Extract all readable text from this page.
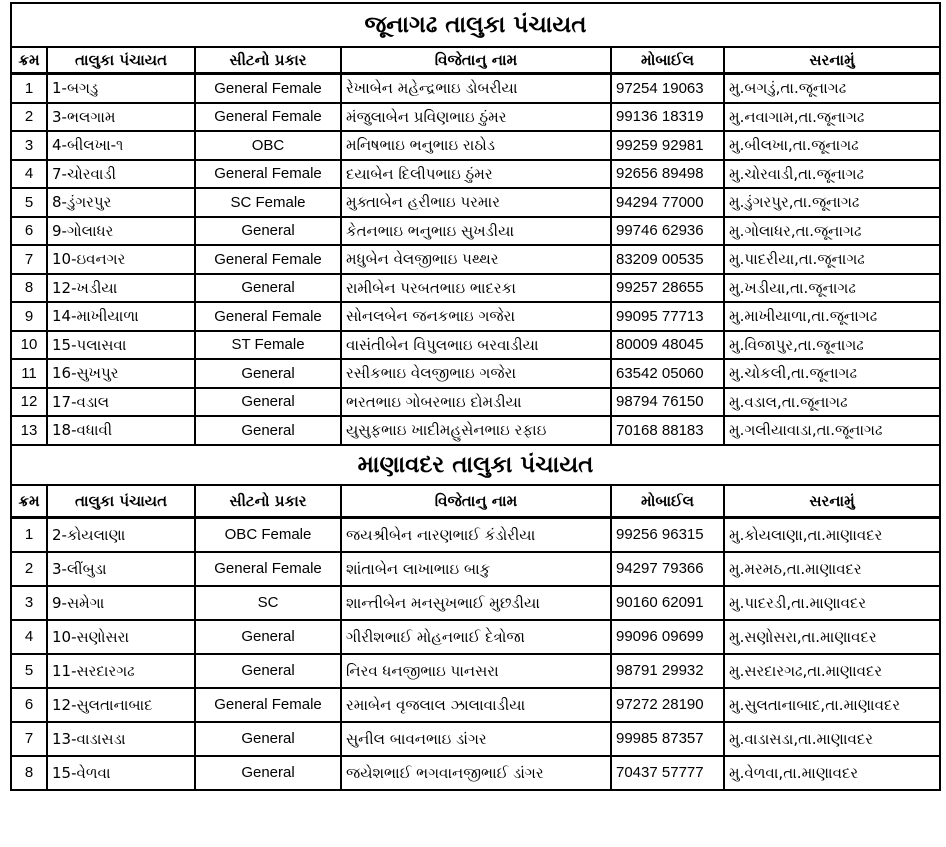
જૂનાગઢ તાલુકા પંચાયત					
ક્રમ	તાલુકા પંચાયત	સીટનો પ્રકાર	વિજેતાનુ નામ	મોબાઈલ	સરનામું
1	1-બગડુ	General Female	રેખાબેન મહેન્દ્રભાઇ ડોબરીયા	97254 19063	મુ.બગડું,તા.જૂનાગઢ
2	3-ભલગામ	General Female	મંજુલાબેન પ્રવિણભાઇ ઠુંમર	99136 18319	મુ.નવાગામ,તા.જૂનાગઢ
3	4-બીલખા-૧	OBC	મનિષભાઇ ભનુભાઇ રાઠોડ	99259 92981	મુ.બીલખા,તા.જૂનાગઢ
4	7-ચોરવાડી	General Female	દયાબેન દિલીપભાઇ ઠુંમર	92656 89498	મુ.ચોરવાડી,તા.જૂનાગઢ
5	8-ડુંગરપુર	SC Female	મુક્તાબેન હરીભાઇ પરમાર	94294 77000	મુ.ડુંગરપુર,તા.જૂનાગઢ
6	9-ગોલાધર	General	કેતનભાઇ ભનુભાઇ સુખડીયા	99746 62936	મુ.ગોલાધર,તા.જૂનાગઢ
7	10-ઇવનગર	General Female	મધુબેન વેલજીભાઇ પથ્થર	83209 00535	મુ.પાદરીયા,તા.જૂનાગઢ
8	12-ખડીયા	General	રામીબેન પરબતભાઇ ભાદરકા	99257 28655	મુ.ખડીયા,તા.જૂનાગઢ
9	14-માખીયાળા	General Female	સોનલબેન જનકભાઇ ગજેરા	99095 77713	મુ.માખીયાળા,તા.જૂનાગઢ
10	15-પલાસવા	ST Female	વાસંતીબેન વિપુલભાઇ બરવાડીયા	80009 48045	મુ.વિજાપુર,તા.જૂનાગઢ
11	16-સુખપુર	General	રસીકભાઇ વેલજીભાઇ ગજેરા	63542 05060	મુ.ચોકલી,તા.જૂનાગઢ
12	17-વડાલ	General	ભરતભાઇ ગોબરભાઇ દોમડીયા	98794 76150	મુ.વડાલ,તા.જૂનાગઢ
13	18-વધાવી	General	યુસુફભાઇ ખાદીમહુસેનભાઇ રફાઇ	70168 88183	મુ.ગલીયાવાડા,તા.જૂનાગઢ
માણાવદર તાલુકા પંચાયત					
ક્રમ	તાલુકા પંચાયત	સીટનો પ્રકાર	વિજેતાનુ નામ	મોબાઈલ	સરનામું
1	2-કોયલાણા	OBC Female	જયશ્રીબેન નારણભાઈ કંડોરીયા	99256 96315	મુ.કોયલાણા,તા.માણાવદર
2	3-લીંબુડા	General Female	શાંતાબેન લાખાભાઇ બાકુ	94297 79366	મુ.મરમઠ,તા.માણાવદર
3	9-સમેગા	SC	શાન્તીબેન મનસુખભાઈ મુછડીયા	90160 62091	મુ.પાદરડી,તા.માણાવદર
4	10-સણોસરા	General	ગીરીશભાઈ મોહનભાઈ દેત્રોજા	99096 09699	મુ.સણોસરા,તા.માણાવદર
5	11-સરદારગઢ	General	નિરવ ધનજીભાઇ પાનસરા	98791 29932	મુ.સરદારગઢ,તા.માણાવદર
6	12-સુલતાનાબાદ	General Female	રમાબેન વૃજલાલ ઝાલાવાડીયા	97272 28190	મુ.સુલતાનાબાદ,તા.માણાવદર
7	13-વાડાસડા	General	સુનીલ બાવનભાઇ ડાંગર	99985 87357	મુ.વાડાસડા,તા.માણાવદર
8	15-વેળવા	General	જયેશભાઈ ભગવાનજીભાઈ ડાંગર	70437 57777	મુ.વેળવા,તા.માણાવદર
